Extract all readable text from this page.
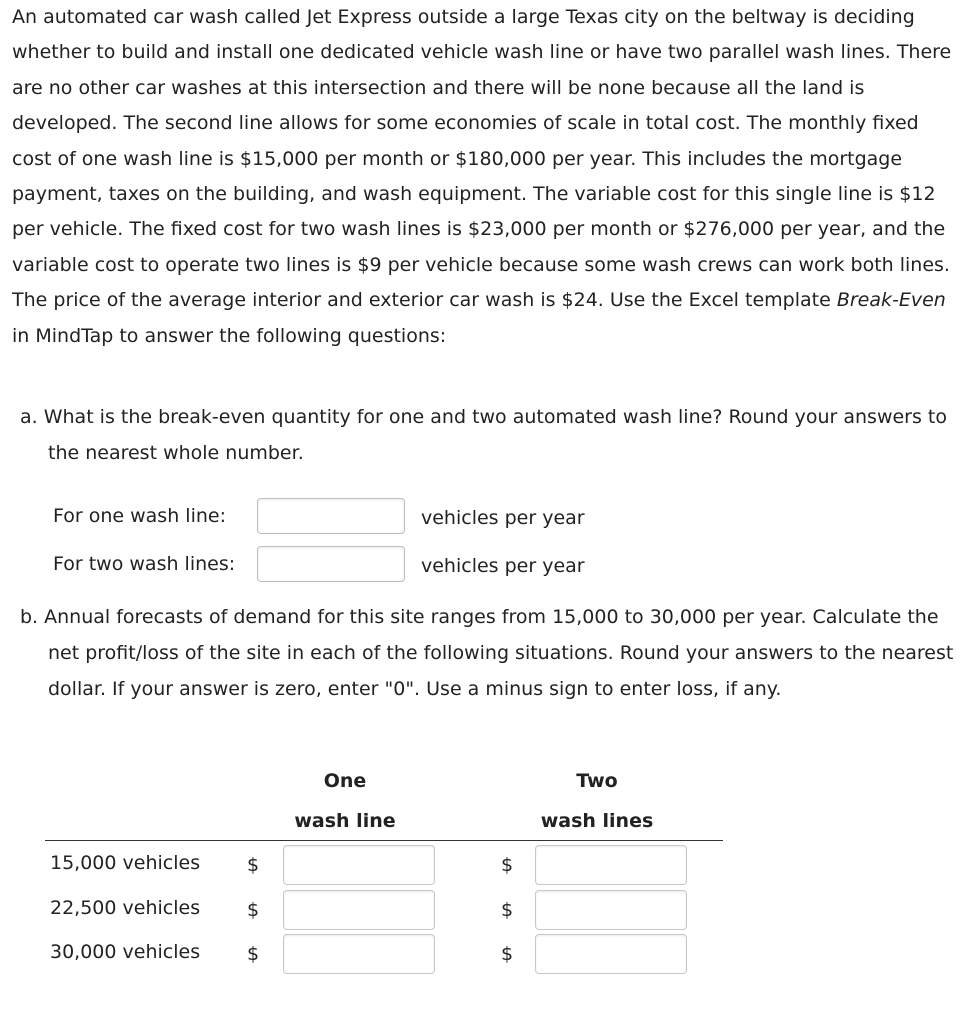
An automated car wash called Jet Express outside a large Texas city on the beltway is deciding whether to build and install one dedicated vehicle wash line or have two parallel wash lines. There are no other car washes at this intersection and there will be none because all the land is developed. The second line allows for some economies of scale in total cost. The monthly fixed cost of one wash line is $15,000 per month or $180,000 per year. This includes the mortgage payment, taxes on the building, and wash equipment. The variable cost for this single line is $12 per vehicle. The fixed cost for two wash lines is $23,000 per month or $276,000 per year, and the variable cost to operate two lines is $9 per vehicle because some wash crews can work both lines. The price of the average interior and exterior car wash is $24. Use the Excel template Break-Even in MindTap to answer the following questions:

a. What is the break-even quantity for one and two automated wash line? Round your answers to the nearest whole number.

For one wash line:	vehicles per year
For two wash lines:	vehicles per year

b. Annual forecasts of demand for this site ranges from 15,000 to 30,000 per year. Calculate the net profit/loss of the site in each of the following situations. Round your answers to the nearest dollar. If your answer is zero, enter "0". Use a minus sign to enter loss, if any.

One
wash line
Two
wash lines
15,000 vehicles $	$
22,500 vehicles $	$
30,000 vehicles $	$
